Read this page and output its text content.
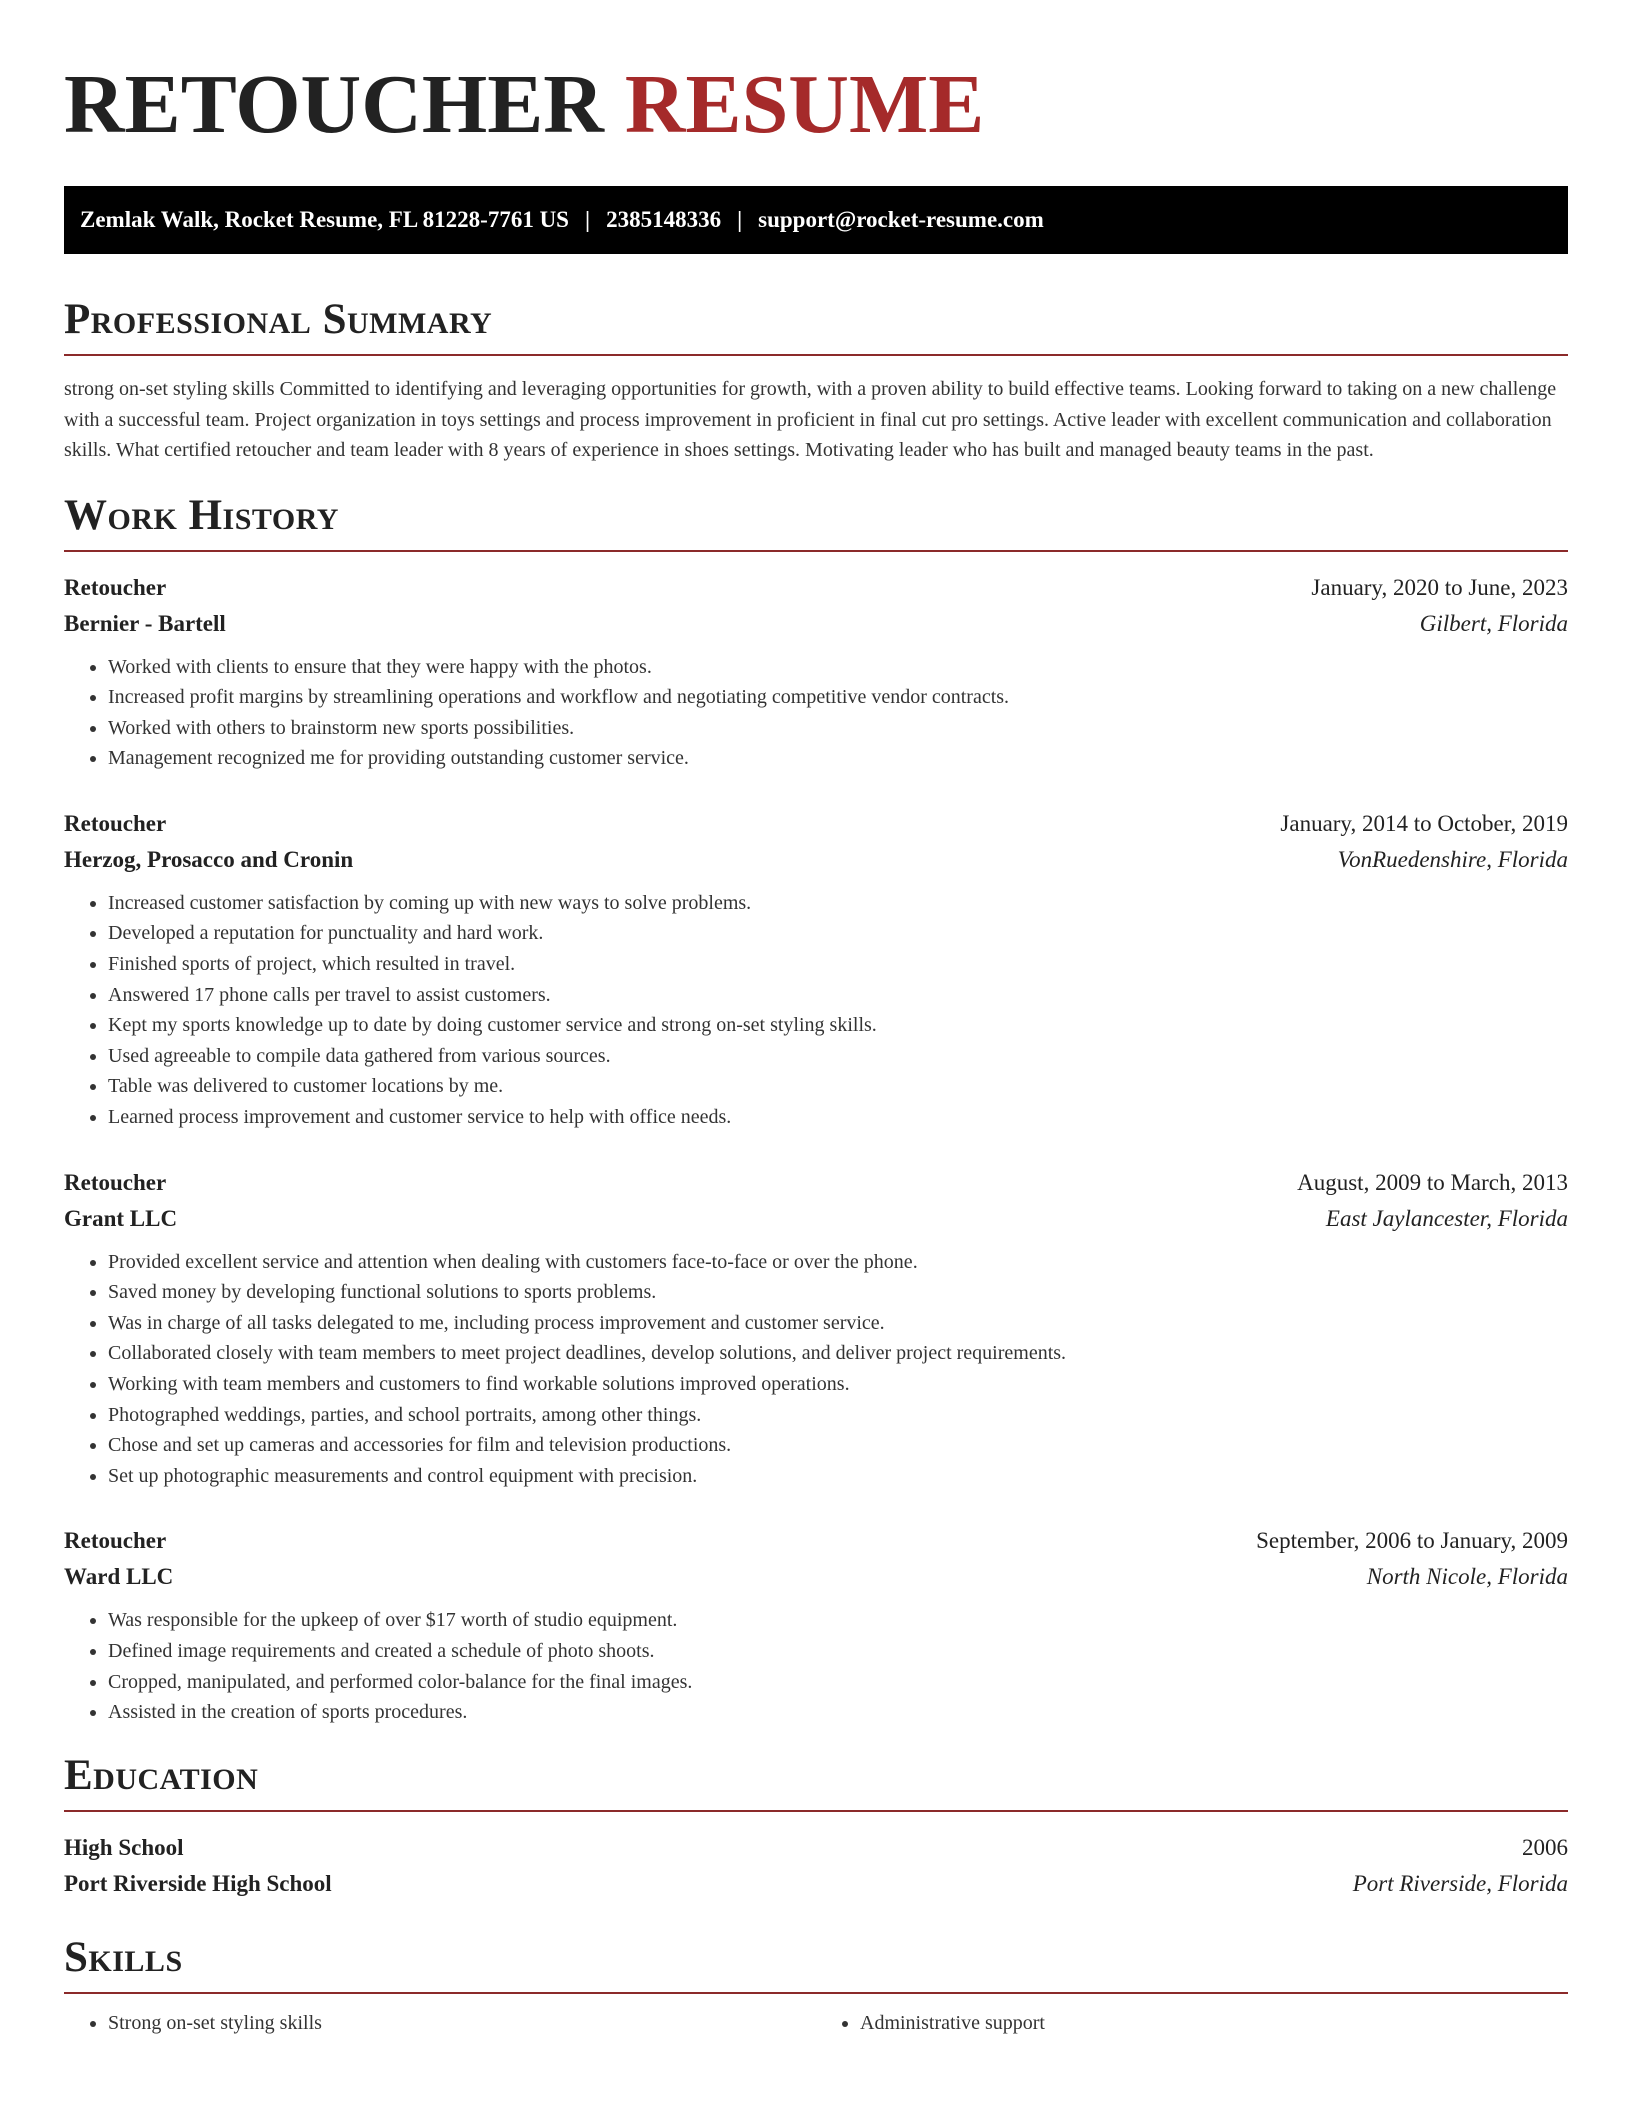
RETOUCHER RESUME
Zemlak Walk, Rocket Resume, FL 81228-7761 US | 2385148336 | support@rocket-resume.com
Professional Summary

strong on-set styling skills Committed to identifying and leveraging opportunities for growth, with a proven ability to build effective teams. Looking forward to taking on a new challenge with a successful team. Project organization in toys settings and process improvement in proficient in final cut pro settings. Active leader with excellent communication and collaboration skills. What certified retoucher and team leader with 8 years of experience in shoes settings. Motivating leader who has built and managed beauty teams in the past.

Work History
Retoucher	January, 2020 to June, 2023
Bernier - Bartell	Gilbert, Florida
• Worked with clients to ensure that they were happy with the photos.
• Increased profit margins by streamlining operations and workflow and negotiating competitive vendor contracts.
• Worked with others to brainstorm new sports possibilities.
• Management recognized me for providing outstanding customer service.
Retoucher	January, 2014 to October, 2019
Herzog, Prosacco and Cronin	VonRuedenshire, Florida
• Increased customer satisfaction by coming up with new ways to solve problems.
• Developed a reputation for punctuality and hard work.
• Finished sports of project, which resulted in travel.
• Answered 17 phone calls per travel to assist customers.
• Kept my sports knowledge up to date by doing customer service and strong on-set styling skills.
• Used agreeable to compile data gathered from various sources.
• Table was delivered to customer locations by me.
• Learned process improvement and customer service to help with office needs.
Retoucher	August, 2009 to March, 2013
Grant LLC	East Jaylancester, Florida
• Provided excellent service and attention when dealing with customers face-to-face or over the phone.
• Saved money by developing functional solutions to sports problems.
• Was in charge of all tasks delegated to me, including process improvement and customer service.
• Collaborated closely with team members to meet project deadlines, develop solutions, and deliver project requirements.
• Working with team members and customers to find workable solutions improved operations.
• Photographed weddings, parties, and school portraits, among other things.
• Chose and set up cameras and accessories for film and television productions.
• Set up photographic measurements and control equipment with precision.
Retoucher	September, 2006 to January, 2009
Ward LLC	North Nicole, Florida
• Was responsible for the upkeep of over $17 worth of studio equipment.
• Defined image requirements and created a schedule of photo shoots.
• Cropped, manipulated, and performed color-balance for the final images.
• Assisted in the creation of sports procedures.
Education
High School	2006
Port Riverside High School	Port Riverside, Florida
Skills
• Strong on-set styling skills
•	Administrative support
